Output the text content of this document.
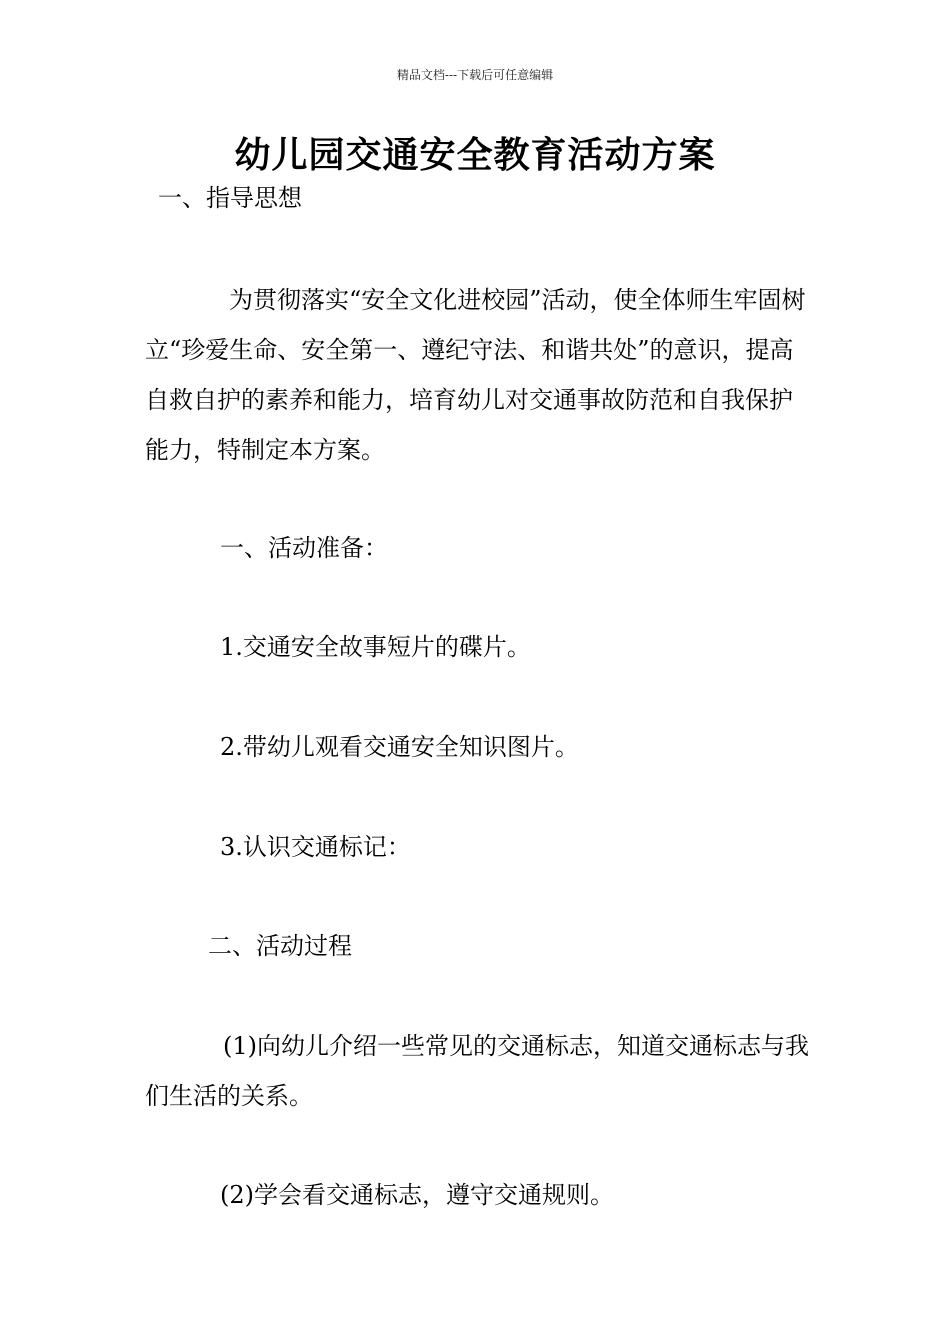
精品文档---下载后可任意编辑
幼儿园交通安全教育活动方案
一、指导思想
为贯彻落实“安全文化进校园”活动，使全体师生牢固树立“珍爱生命、安全第一、遵纪守法、和谐共处”的意识，提高自救自护的素养和能力，培育幼儿对交通事故防范和自我保护能力，特制定本方案。
一、活动准备：
1.交通安全故事短片的碟片。
2.带幼儿观看交通安全知识图片。
3.认识交通标记：
二、活动过程
(1)向幼儿介绍一些常见的交通标志，知道交通标志与我们生活的关系。
(2)学会看交通标志，遵守交通规则。
